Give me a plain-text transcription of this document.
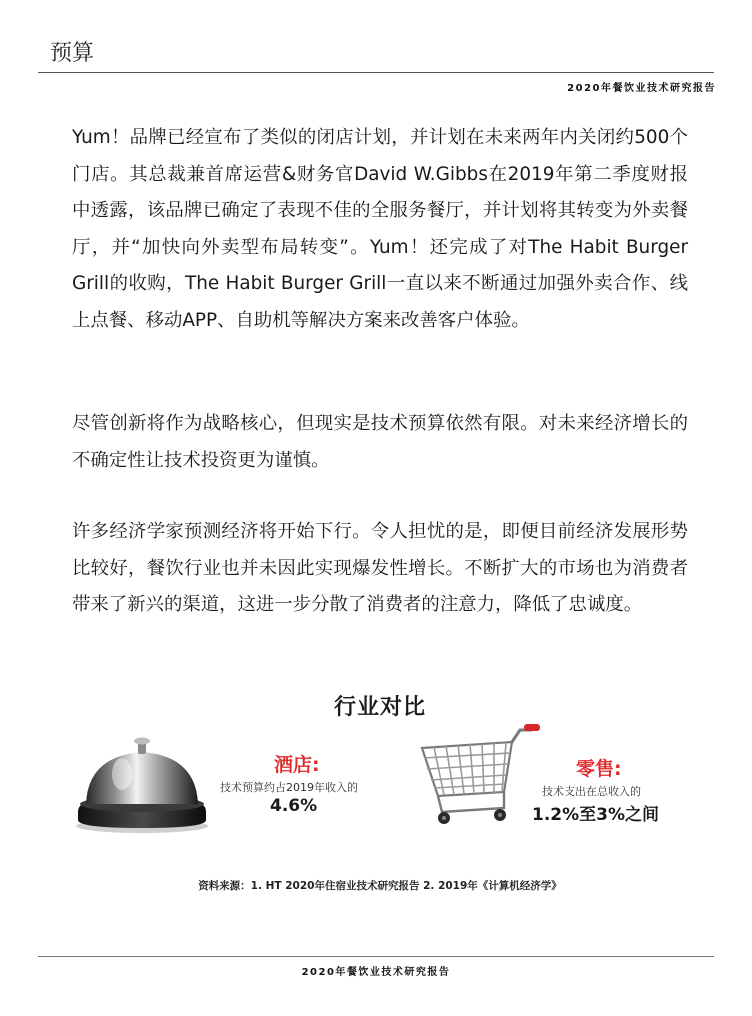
预算
2020年餐饮业技术研究报告

Yum！品牌已经宣布了类似的闭店计划，并计划在未来两年内关闭约500个门店。其总裁兼首席运营&财务官David W.Gibbs在2019年第二季度财报中透露，该品牌已确定了表现不佳的全服务餐厅，并计划将其转变为外卖餐厅，并“加快向外卖型布局转变”。Yum！还完成了对The Habit Burger Grill的收购，The Habit Burger Grill一直以来不断通过加强外卖合作、线上点餐、移动APP、自助机等解决方案来改善客户体验。

尽管创新将作为战略核心，但现实是技术预算依然有限。对未来经济增长的不确定性让技术投资更为谨慎。

许多经济学家预测经济将开始下行。令人担忧的是，即便目前经济发展形势比较好，餐饮行业也并未因此实现爆发性增长。不断扩大的市场也为消费者带来了新兴的渠道，这进一步分散了消费者的注意力，降低了忠诚度。

行业对比
酒店:
技术预算约占2019年收入的
4.6%
零售:
技术支出在总收入的
1.2%至3%之间
资料来源：1. HT 2020年住宿业技术研究报告 2. 2019年《计算机经济学》
2020年餐饮业技术研究报告
